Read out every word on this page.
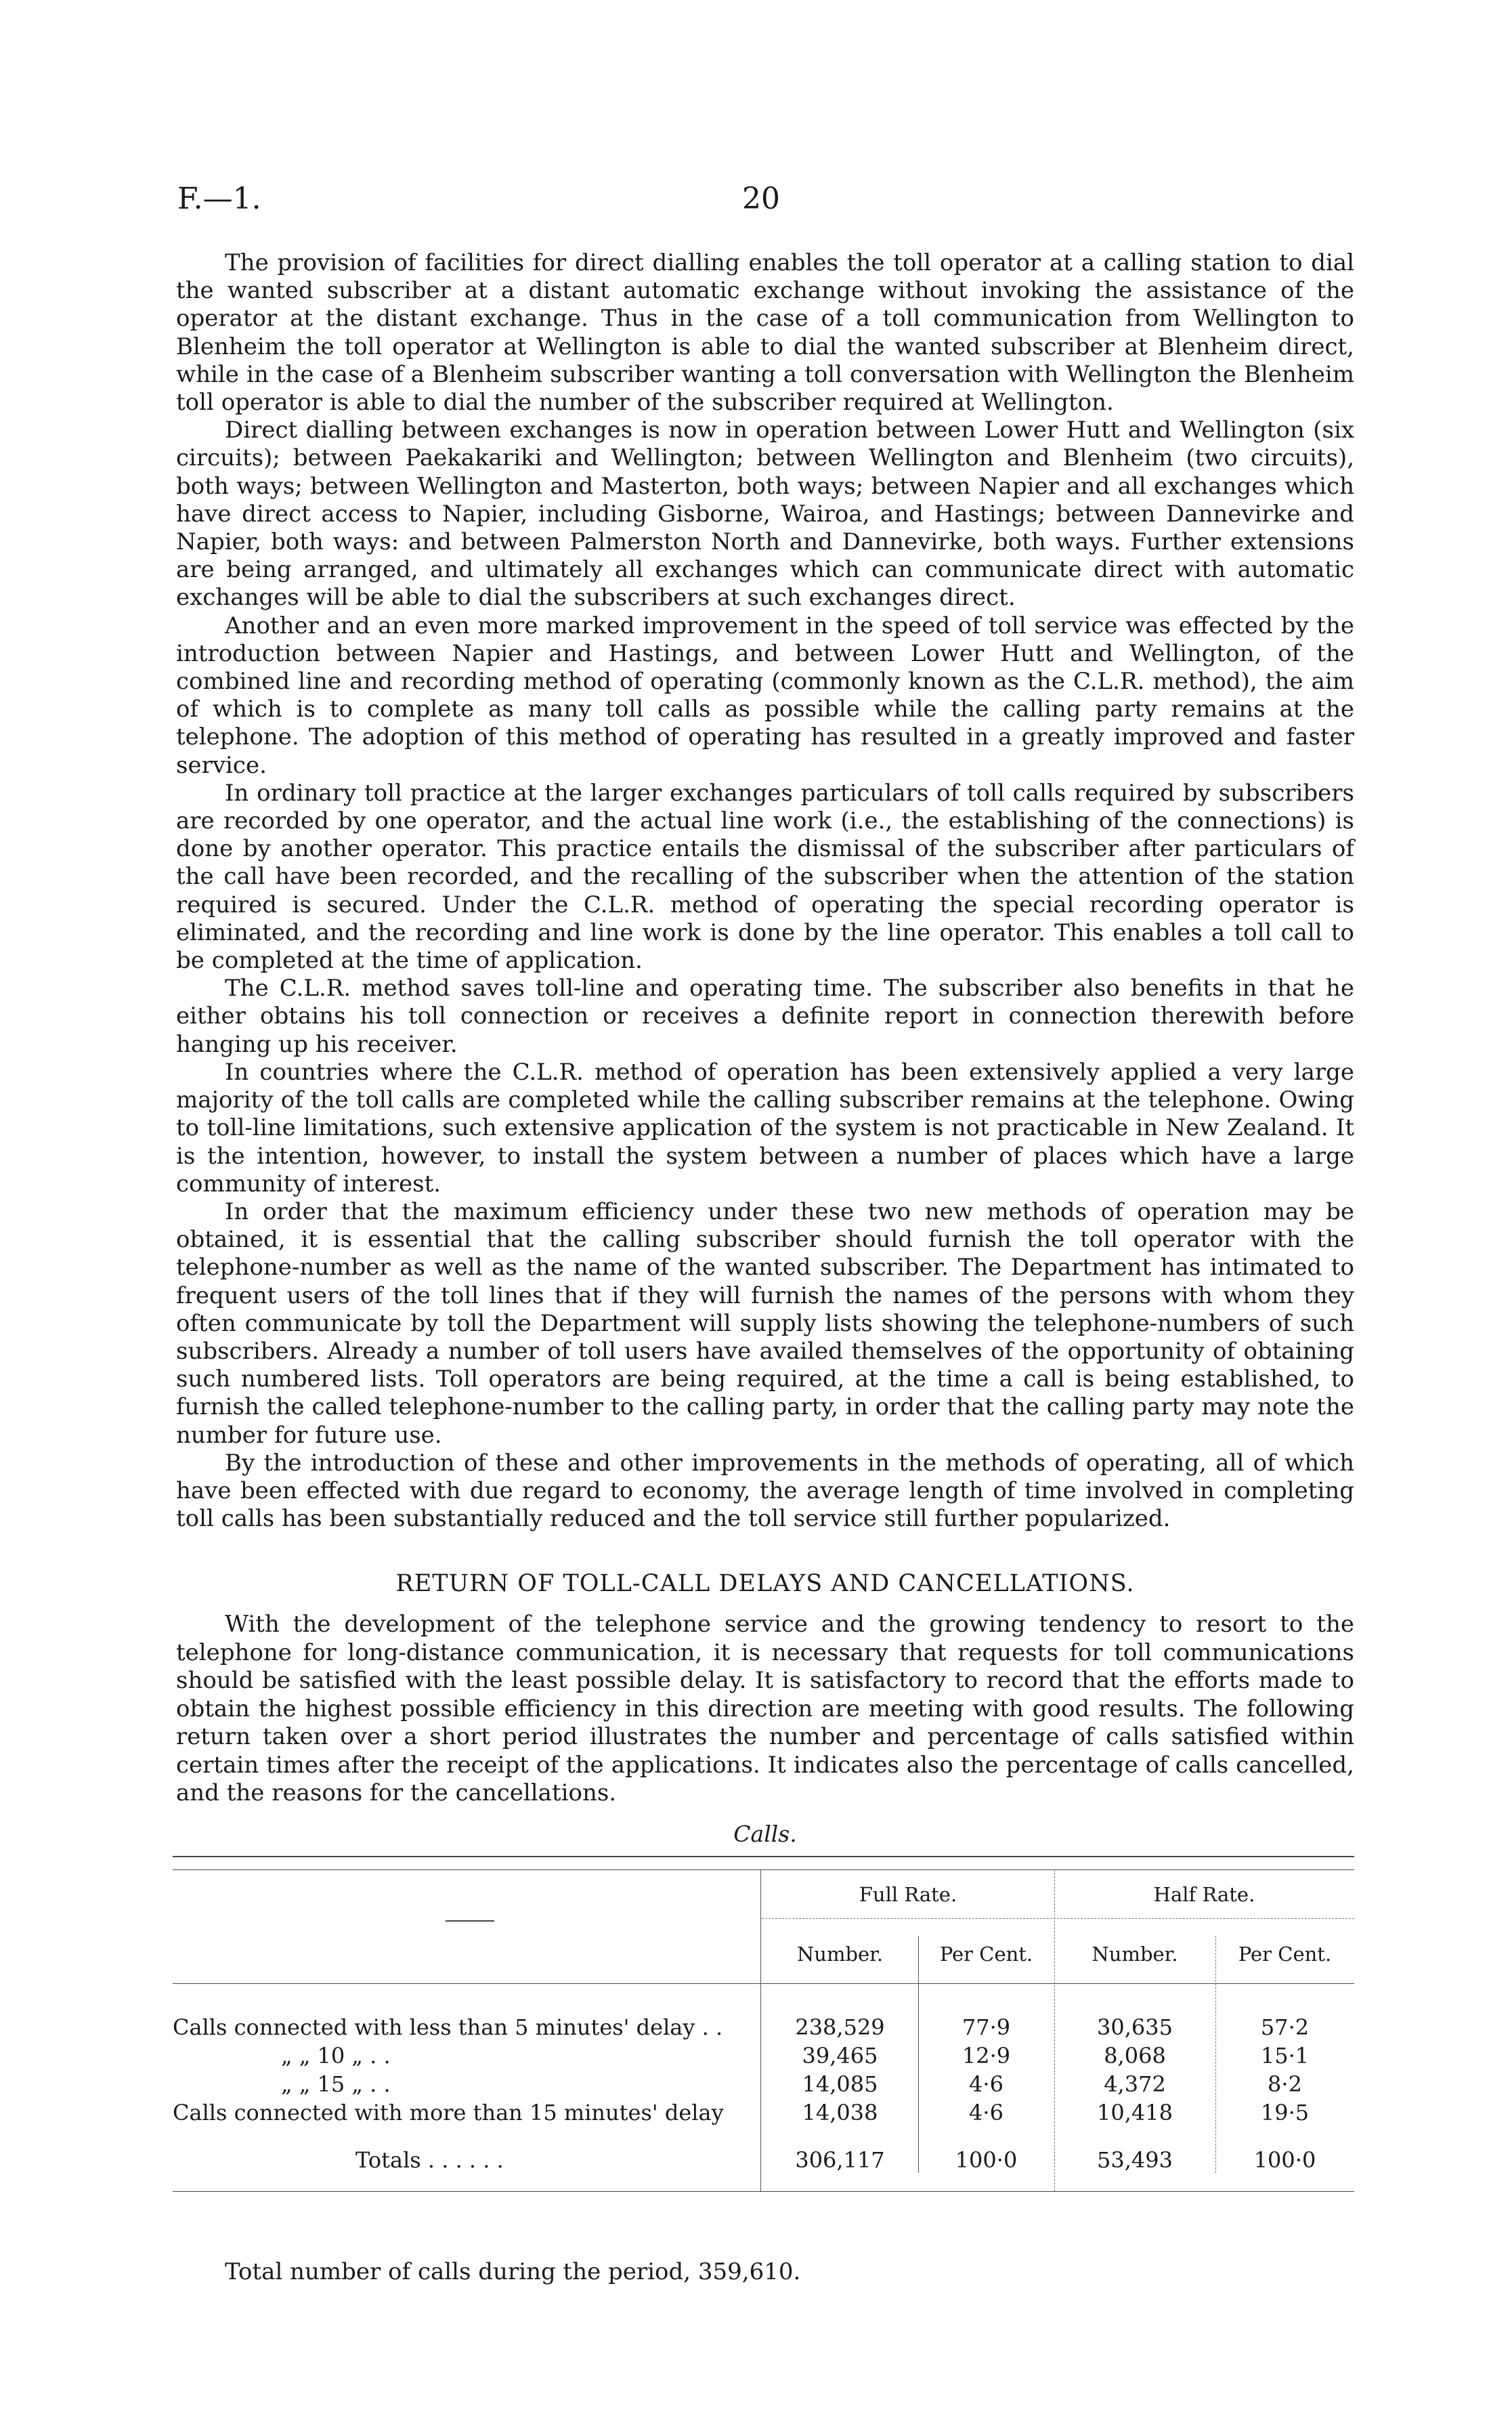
F.—1.	20

The provision of facilities for direct dialling enables the toll operator at a calling station to dial the wanted subscriber at a distant automatic exchange without invoking the assistance of the operator at the distant exchange. Thus in the case of a toll communication from Wellington to Blenheim the toll operator at Wellington is able to dial the wanted subscriber at Blenheim direct, while in the case of a Blenheim subscriber wanting a toll conversation with Wellington the Blenheim toll operator is able to dial the number of the subscriber required at Wellington.

Direct dialling between exchanges is now in operation between Lower Hutt and Wellington (six circuits); between Paekakariki and Wellington; between Wellington and Blenheim (two circuits), both ways; between Wellington and Masterton, both ways; between Napier and all exchanges which have direct access to Napier, including Gisborne, Wairoa, and Hastings; between Dannevirke and Napier, both ways: and between Palmerston North and Dannevirke, both ways. Further extensions are being arranged, and ultimately all exchanges which can communicate direct with automatic exchanges will be able to dial the subscribers at such exchanges direct.

Another and an even more marked improvement in the speed of toll service was effected by the introduction between Napier and Hastings, and between Lower Hutt and Wellington, of the combined line and recording method of operating (commonly known as the C.L.R. method), the aim of which is to complete as many toll calls as possible while the calling party remains at the telephone. The adoption of this method of operating has resulted in a greatly improved and faster service.

In ordinary toll practice at the larger exchanges particulars of toll calls required by subscribers are recorded by one operator, and the actual line work (i.e., the establishing of the connections) is done by another operator. This practice entails the dismissal of the subscriber after particulars of the call have been recorded, and the recalling of the subscriber when the attention of the station required is secured. Under the C.L.R. method of operating the special recording operator is eliminated, and the recording and line work is done by the line operator. This enables a toll call to be completed at the time of application.

The C.L.R. method saves toll-line and operating time. The subscriber also benefits in that he either obtains his toll connection or receives a definite report in connection therewith before hanging up his receiver.

In countries where the C.L.R. method of operation has been extensively applied a very large majority of the toll calls are completed while the calling subscriber remains at the telephone. Owing to toll-line limitations, such extensive application of the system is not practicable in New Zealand. It is the intention, however, to install the system between a number of places which have a large community of interest.

In order that the maximum efficiency under these two new methods of operation may be obtained, it is essential that the calling subscriber should furnish the toll operator with the telephone-number as well as the name of the wanted subscriber. The Department has intimated to frequent users of the toll lines that if they will furnish the names of the persons with whom they often communicate by toll the Department will supply lists showing the telephone-numbers of such subscribers. Already a number of toll users have availed themselves of the opportunity of obtaining such numbered lists. Toll operators are being required, at the time a call is being established, to furnish the called telephone-number to the calling party, in order that the calling party may note the number for future use.

By the introduction of these and other improvements in the methods of operating, all of which have been effected with due regard to economy, the average length of time involved in completing toll calls has been substantially reduced and the toll service still further popularized.

RETURN OF TOLL-CALL DELAYS AND CANCELLATIONS.

With the development of the telephone service and the growing tendency to resort to the telephone for long-distance communication, it is necessary that requests for toll communications should be satisfied with the least possible delay. It is satisfactory to record that the efforts made to obtain the highest possible efficiency in this direction are meeting with good results. The following return taken over a short period illustrates the number and percentage of calls satisfied within certain times after the receipt of the applications. It indicates also the percentage of calls cancelled, and the reasons for the cancellations.

Calls.
Full Rate.	Half Rate.
Number.	Per Cent.	Number.	Per Cent.
Calls connected with less than 5 minutes' delay . .	238,529	77·9	30,635	57·2
„ „ 10 „ . .	39,465	12·9	8,068	15·1
„ „ 15 „ . .	14,085	4·6	4,372	8·2
Calls connected with more than 15 minutes' delay	14,038	4·6	10,418	19·5
Totals . . . . . .	306,117	100·0	53,493	100·0
Total number of calls during the period, 359,610.
